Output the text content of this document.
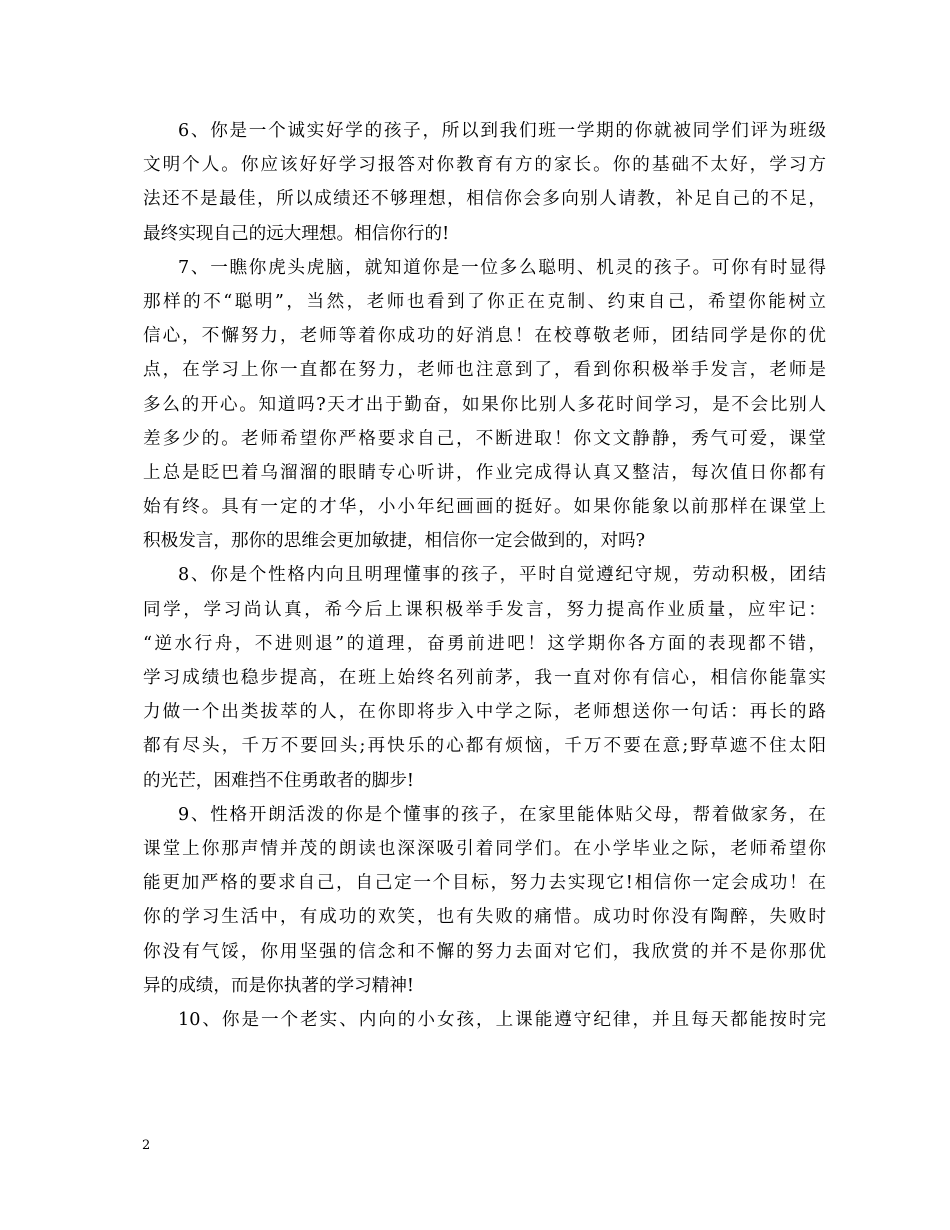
6、你是一个诚实好学的孩子，所以到我们班一学期的你就被同学们评为班级
文明个人。你应该好好学习报答对你教育有方的家长。你的基础不太好，学习方
法还不是最佳，所以成绩还不够理想，相信你会多向别人请教，补足自己的不足，
最终实现自己的远大理想。相信你行的!
7、一瞧你虎头虎脑，就知道你是一位多么聪明、机灵的孩子。可你有时显得
那样的不“聪明”，当然，老师也看到了你正在克制、约束自己，希望你能树立
信心，不懈努力，老师等着你成功的好消息！在校尊敬老师，团结同学是你的优
点，在学习上你一直都在努力，老师也注意到了，看到你积极举手发言，老师是
多么的开心。知道吗?天才出于勤奋，如果你比别人多花时间学习，是不会比别人
差多少的。老师希望你严格要求自己，不断进取！你文文静静，秀气可爱，课堂
上总是眨巴着乌溜溜的眼睛专心听讲，作业完成得认真又整洁，每次值日你都有
始有终。具有一定的才华，小小年纪画画的挺好。如果你能象以前那样在课堂上
积极发言，那你的思维会更加敏捷，相信你一定会做到的，对吗?
8、你是个性格内向且明理懂事的孩子，平时自觉遵纪守规，劳动积极，团结
同学，学习尚认真，希今后上课积极举手发言，努力提高作业质量，应牢记：
“逆水行舟，不进则退”的道理，奋勇前进吧！这学期你各方面的表现都不错，
学习成绩也稳步提高，在班上始终名列前茅，我一直对你有信心，相信你能靠实
力做一个出类拔萃的人，在你即将步入中学之际，老师想送你一句话：再长的路
都有尽头，千万不要回头;再快乐的心都有烦恼，千万不要在意;野草遮不住太阳
的光芒，困难挡不住勇敢者的脚步!
9、性格开朗活泼的你是个懂事的孩子，在家里能体贴父母，帮着做家务，在
课堂上你那声情并茂的朗读也深深吸引着同学们。在小学毕业之际，老师希望你
能更加严格的要求自己，自己定一个目标，努力去实现它!相信你一定会成功！在
你的学习生活中，有成功的欢笑，也有失败的痛惜。成功时你没有陶醉，失败时
你没有气馁，你用坚强的信念和不懈的努力去面对它们，我欣赏的并不是你那优
异的成绩，而是你执著的学习精神!
10、你是一个老实、内向的小女孩，上课能遵守纪律，并且每天都能按时完
2
